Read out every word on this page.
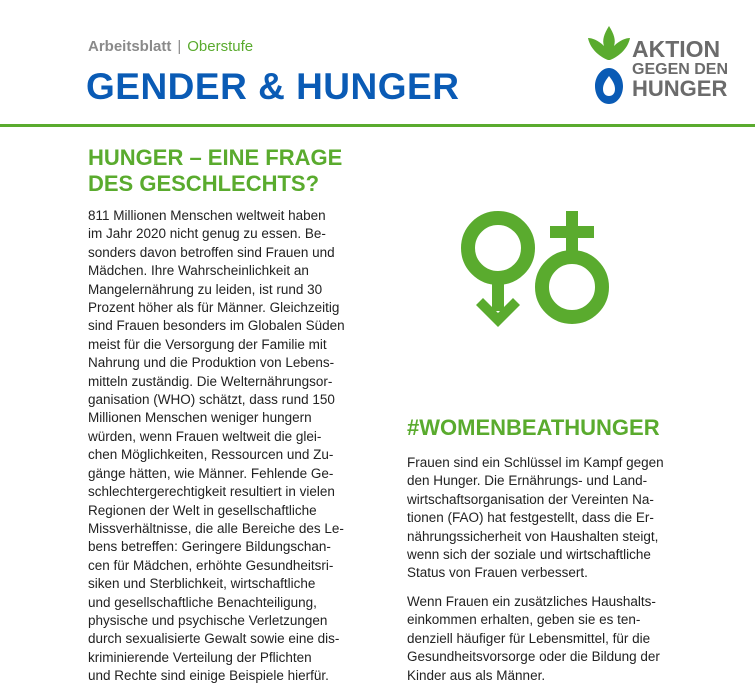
Arbeitsblatt | Oberstufe
GENDER & HUNGER
AKTION
GEGEN DEN
HUNGER
HUNGER – EINE FRAGE
DES GESCHLECHTS?
811 Millionen Menschen weltweit haben
im Jahr 2020 nicht genug zu essen. Be-
sonders davon betroffen sind Frauen und
Mädchen. Ihre Wahrscheinlichkeit an
Mangelernährung zu leiden, ist rund 30
Prozent höher als für Männer. Gleichzeitig
sind Frauen besonders im Globalen Süden
meist für die Versorgung der Familie mit
Nahrung und die Produktion von Lebens-
mitteln zuständig. Die Welternährungsor-
ganisation (WHO) schätzt, dass rund 150
Millionen Menschen weniger hungern
würden, wenn Frauen weltweit die glei-
chen Möglichkeiten, Ressourcen und Zu-
gänge hätten, wie Männer. Fehlende Ge-
schlechtergerechtigkeit resultiert in vielen
Regionen der Welt in gesellschaftliche
Missverhältnisse, die alle Bereiche des Le-
bens betreffen: Geringere Bildungschan-
cen für Mädchen, erhöhte Gesundheitsri-
siken und Sterblichkeit, wirtschaftliche
und gesellschaftliche Benachteiligung,
physische und psychische Verletzungen
durch sexualisierte Gewalt sowie eine dis-
kriminierende Verteilung der Pflichten
und Rechte sind einige Beispiele hierfür.
#WOMENBEATHUNGER
Frauen sind ein Schlüssel im Kampf gegen
den Hunger. Die Ernährungs- und Land-
wirtschaftsorganisation der Vereinten Na-
tionen (FAO) hat festgestellt, dass die Er-
nährungssicherheit von Haushalten steigt,
wenn sich der soziale und wirtschaftliche
Status von Frauen verbessert.
Wenn Frauen ein zusätzliches Haushalts-
einkommen erhalten, geben sie es ten-
denziell häufiger für Lebensmittel, für die
Gesundheitsvorsorge oder die Bildung der
Kinder aus als Männer.
